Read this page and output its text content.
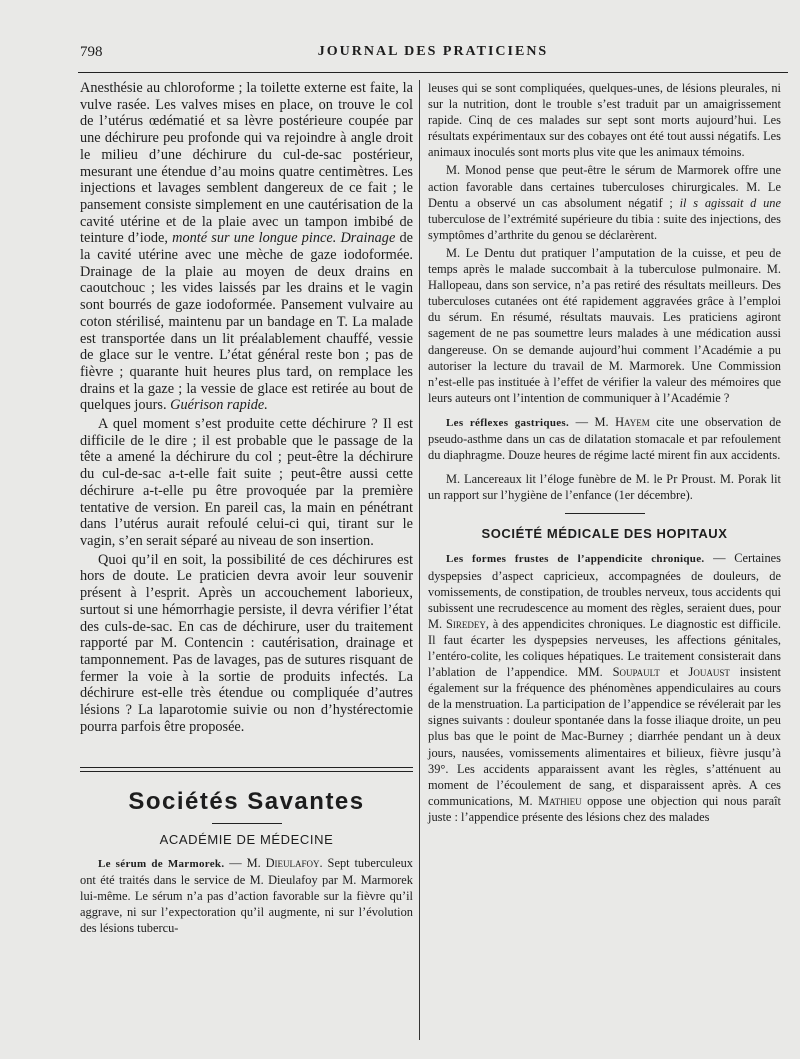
798	JOURNAL DES PRATICIENS

Anesthésie au chloroforme ; la toilette externe est faite, la vulve rasée. Les valves mises en place, on trouve le col de l’utérus œdématié et sa lèvre postérieure coupée par une déchirure peu profonde qui va rejoindre à angle droit le milieu d’une déchirure du cul-de-sac postérieur, mesurant une étendue d’au moins quatre centimètres. Les injections et lavages semblent dangereux de ce fait ; le pansement consiste simplement en une cautérisation de la cavité utérine et de la plaie avec un tampon imbibé de teinture d’iode, monté sur une longue pince. Drainage de la cavité utérine avec une mèche de gaze iodoformée. Drainage de la plaie au moyen de deux drains en caoutchouc ; les vides laissés par les drains et le vagin sont bourrés de gaze iodoformée. Pansement vulvaire au coton stérilisé, maintenu par un bandage en T. La malade est transportée dans un lit préalablement chauffé, vessie de glace sur le ventre. L’état général reste bon ; pas de fièvre ; quarante huit heures plus tard, on remplace les drains et la gaze ; la vessie de glace est retirée au bout de quelques jours. Guérison rapide.

A quel moment s’est produite cette déchirure ? Il est difficile de le dire ; il est probable que le passage de la tête a amené la déchirure du col ; peut-être la déchirure du cul-de-sac a-t-elle fait suite ; peut-être aussi cette déchirure a-t-elle pu être provoquée par la première tentative de version. En pareil cas, la main en pénétrant dans l’utérus aurait refoulé celui-ci qui, tirant sur le vagin, s’en serait séparé au niveau de son insertion.

Quoi qu’il en soit, la possibilité de ces déchirures est hors de doute. Le praticien devra avoir leur souvenir présent à l’esprit. Après un accouchement laborieux, surtout si une hémorrhagie persiste, il devra vérifier l’état des culs-de-sac. En cas de déchirure, user du traitement rapporté par M. Contencin : cautérisation, drainage et tamponnement. Pas de lavages, pas de sutures risquant de fermer la voie à la sortie de produits infectés. La déchirure est-elle très étendue ou compliquée d’autres lésions ? La laparotomie suivie ou non d’hystérectomie pourra parfois être proposée.

Sociétés Savantes
ACADÉMIE DE MÉDECINE

Le sérum de Marmorek. — M. Dieulafoy. Sept tuberculeux ont été traités dans le service de M. Dieulafoy par M. Marmorek lui-même. Le sérum n’a pas d’action favorable sur la fièvre qu’il aggrave, ni sur l’expectoration qu’il augmente, ni sur l’évolution des lésions tubercu-

leuses qui se sont compliquées, quelques-unes, de lésions pleurales, ni sur la nutrition, dont le trouble s’est traduit par un amaigrissement rapide. Cinq de ces malades sur sept sont morts aujourd’hui. Les résultats expérimentaux sur des cobayes ont été tout aussi négatifs. Les animaux inoculés sont morts plus vite que les animaux témoins.

M. Monod pense que peut-être le sérum de Marmorek offre une action favorable dans certaines tuberculoses chirurgicales. M. Le Dentu a observé un cas absolument négatif ; il s agissait d une tuberculose de l’extrémité supérieure du tibia : suite des injections, des symptômes d’arthrite du genou se déclarèrent.

M. Le Dentu dut pratiquer l’amputation de la cuisse, et peu de temps après le malade succombait à la tuberculose pulmonaire. M. Hallopeau, dans son service, n’a pas retiré des résultats meilleurs. Des tuberculoses cutanées ont été rapidement aggravées grâce à l’emploi du sérum. En résumé, résultats mauvais. Les praticiens agiront sagement de ne pas soumettre leurs malades à une médication aussi dangereuse. On se demande aujourd’hui comment l’Académie a pu autoriser la lecture du travail de M. Marmorek. Une Commission n’est-elle pas instituée à l’effet de vérifier la valeur des mémoires que leurs auteurs ont l’intention de communiquer à l’Académie ?

Les réflexes gastriques. — M. Hayem cite une observation de pseudo-asthme dans un cas de dilatation stomacale et par refoulement du diaphragme. Douze heures de régime lacté mirent fin aux accidents.

M. Lancereaux lit l’éloge funèbre de M. le Pr Proust. M. Porak lit un rapport sur l’hygiène de l’enfance (1er décembre).

SOCIÉTÉ MÉDICALE DES HOPITAUX

Les formes frustes de l’appendicite chronique. — Certaines dyspepsies d’aspect capricieux, accompagnées de douleurs, de vomissements, de constipation, de troubles nerveux, tous accidents qui subissent une recrudescence au moment des règles, seraient dues, pour M. Siredey, à des appendicites chroniques. Le diagnostic est difficile. Il faut écarter les dyspepsies nerveuses, les affections génitales, l’entéro-colite, les coliques hépatiques. Le traitement consisterait dans l’ablation de l’appendice. MM. Soupault et Jouaust insistent également sur la fréquence des phénomènes appendiculaires au cours de la menstruation. La participation de l’appendice se révélerait par les signes suivants : douleur spontanée dans la fosse iliaque droite, un peu plus bas que le point de Mac-Burney ; diarrhée pendant un à deux jours, nausées, vomissements alimentaires et bilieux, fièvre jusqu’à 39°. Les accidents apparaissent avant les règles, s’atténuent au moment de l’écoulement de sang, et disparaissent après. A ces communications, M. Mathieu oppose une objection qui nous paraît juste : l’appendice présente des lésions chez des malades
